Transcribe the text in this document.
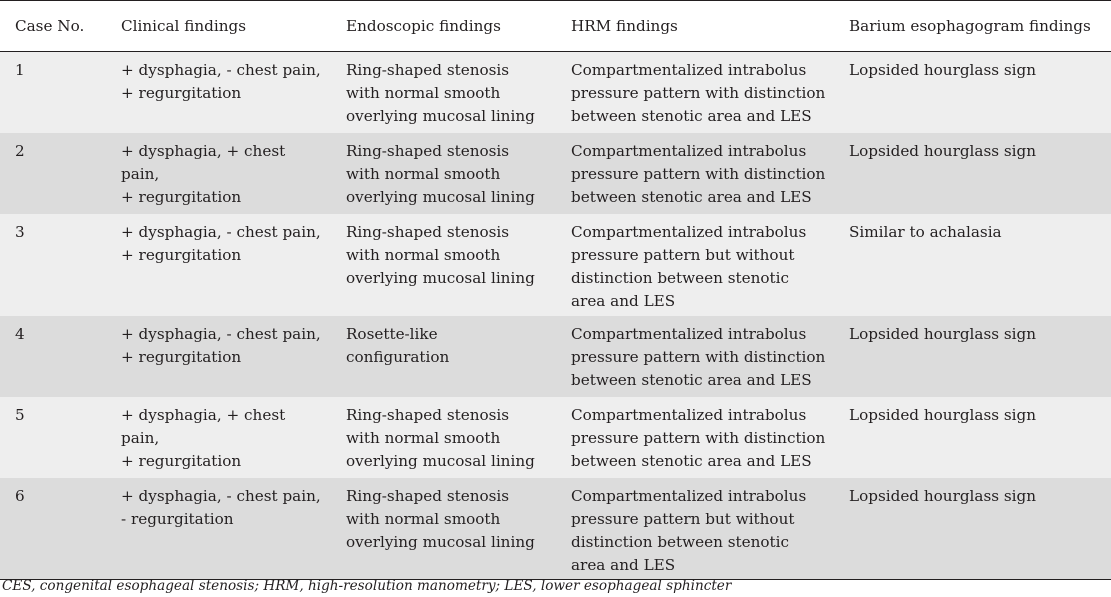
Case No.	Clinical findings	Endoscopic findings	HRM findings	Barium esophagogram findings
1	+ dysphagia, - chest pain,
+ regurgitation	Ring-shaped stenosis
with normal smooth
overlying mucosal lining	Compartmentalized intrabolus
pressure pattern with distinction
between stenotic area and LES	Lopsided hourglass sign
2	+ dysphagia, + chest
pain,
+ regurgitation	Ring-shaped stenosis
with normal smooth
overlying mucosal lining	Compartmentalized intrabolus
pressure pattern with distinction
between stenotic area and LES	Lopsided hourglass sign
3	+ dysphagia, - chest pain,
+ regurgitation	Ring-shaped stenosis
with normal smooth
overlying mucosal lining	Compartmentalized intrabolus
pressure pattern but without
distinction between stenotic
area and LES	Similar to achalasia
4	+ dysphagia, - chest pain,
+ regurgitation	Rosette-like
configuration	Compartmentalized intrabolus
pressure pattern with distinction
between stenotic area and LES	Lopsided hourglass sign
5	+ dysphagia, + chest
pain,
+ regurgitation	Ring-shaped stenosis
with normal smooth
overlying mucosal lining	Compartmentalized intrabolus
pressure pattern with distinction
between stenotic area and LES	Lopsided hourglass sign
6	+ dysphagia, - chest pain,
- regurgitation	Ring-shaped stenosis
with normal smooth
overlying mucosal lining	Compartmentalized intrabolus
pressure pattern but without
distinction between stenotic
area and LES	Lopsided hourglass sign
CES, congenital esophageal stenosis; HRM, high-resolution manometry; LES, lower esophageal sphincter
